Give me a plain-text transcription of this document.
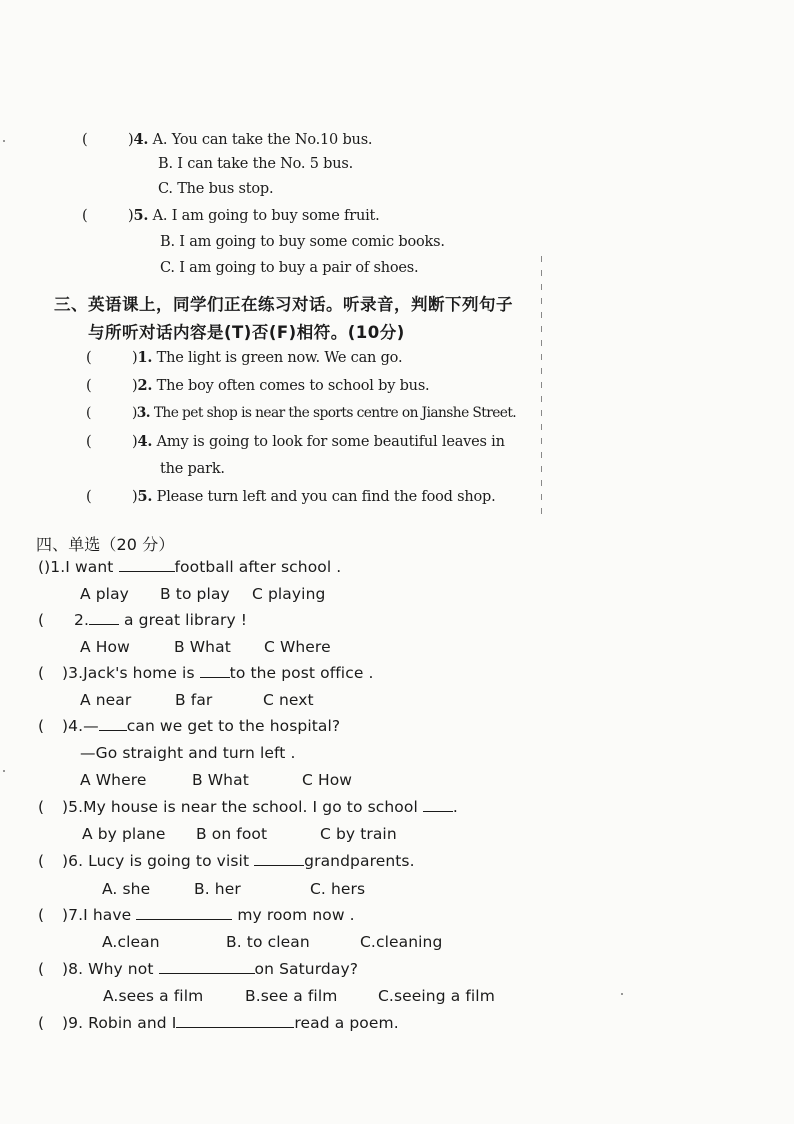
(	)4. A. You can take the No.10 bus.
B. I can take the No. 5 bus.
C. The bus stop.
(	)5. A. I am going to buy some fruit.
B. I am going to buy some comic books.
C. I am going to buy a pair of shoes.
三、英语课上，同学们正在练习对话。听录音，判断下列句子
与所听对话内容是(T)否(F)相符。(10分)
(	)1. The light is green now. We can go.
(	)2. The boy often comes to school by bus.
(	)3. The pet shop is near the sports centre on Jianshe Street.
(	)4. Amy is going to look for some beautiful leaves in
the park.
(	)5. Please turn left and you can find the food shop.
四、单选（20 分）
()1.I want	football after school .
A play B to play C playing
( 2. a great library !
A How	B What C Where
( )3.Jack's home is to the post office .
A near	B far	C next
( )4.— can we get to the hospital?
—Go straight and turn left .
A Where	B What	C How
( )5.My house is near the school. I go to school .
A by plane B on foot	C by train
( )6. Lucy is going to visit	grandparents.
A. she	B. her	C. hers
( )7.I have	my room now .
A.clean	B. to clean	C.cleaning
( )8. Why not	on Saturday?
A.sees a film	B.see a film	C.seeing a film
( )9. Robin and I	read a poem.
